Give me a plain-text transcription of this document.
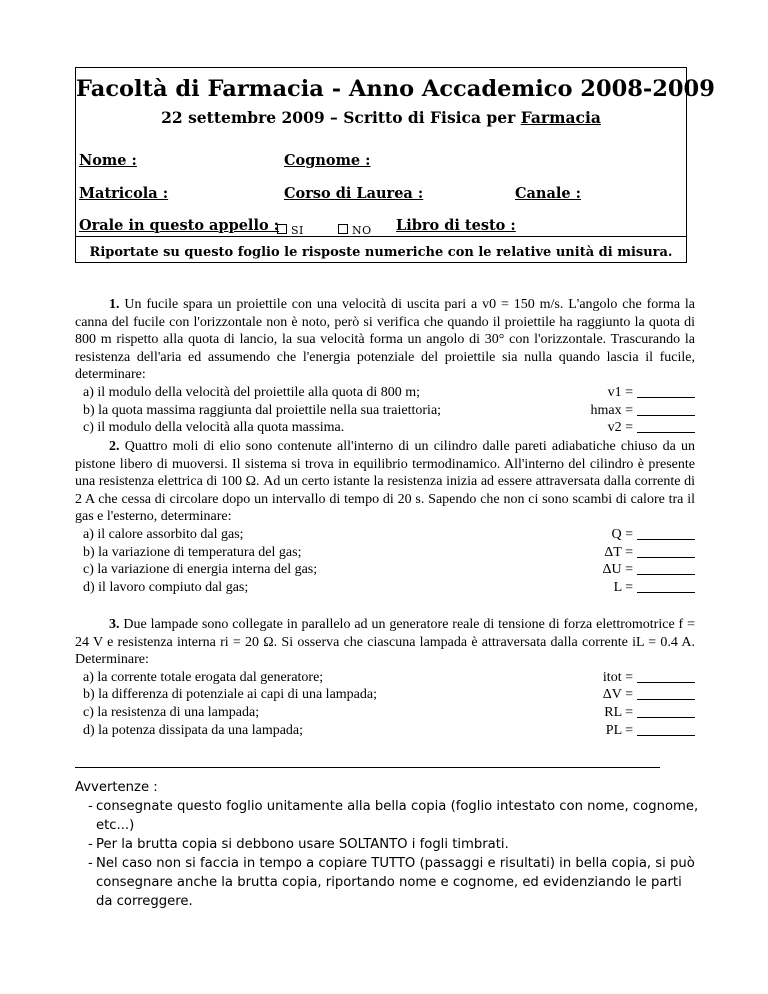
Facoltà di Farmacia - Anno Accademico 2008-2009
22 settembre 2009 – Scritto di Fisica per Farmacia
Nome :	Cognome :
Matricola :	Corso di Laurea :	Canale :
Orale in questo appello :	SI	NO Libro di testo :
Riportate su questo foglio le risposte numeriche con le relative unità di misura.

1. Un fucile spara un proiettile con una velocità di uscita pari a v0 = 150 m/s. L'angolo che forma la canna del fucile con l'orizzontale non è noto, però si verifica che quando il proiettile ha raggiunto la quota di 800 m rispetto alla quota di lancio, la sua velocità forma un angolo di 30° con l'orizzontale. Trascurando la resistenza dell'aria ed assumendo che l'energia potenziale del proiettile sia nulla quando lascia il fucile, determinare:

a) il modulo della velocità del proiettile alla quota di 800 m;	v1 =
b) la quota massima raggiunta dal proiettile nella sua traiettoria;	hmax =
c) il modulo della velocità alla quota massima.	v2 =

2. Quattro moli di elio sono contenute all'interno di un cilindro dalle pareti adiabatiche chiuso da un pistone libero di muoversi. Il sistema si trova in equilibrio termodinamico. All'interno del cilindro è presente una resistenza elettrica di 100 Ω. Ad un certo istante la resistenza inizia ad essere attraversata dalla corrente di 2 A che cessa di circolare dopo un intervallo di tempo di 20 s. Sapendo che non ci sono scambi di calore tra il gas e l'esterno, determinare:

a) il calore assorbito dal gas;	Q =
b) la variazione di temperatura del gas;	ΔT =
c) la variazione di energia interna del gas;	ΔU =
d) il lavoro compiuto dal gas;	L =

3. Due lampade sono collegate in parallelo ad un generatore reale di tensione di forza elettromotrice f = 24 V e resistenza interna ri = 20 Ω. Si osserva che ciascuna lampada è attraversata dalla corrente iL = 0.4 A. Determinare:

a) la corrente totale erogata dal generatore;	itot =
b) la differenza di potenziale ai capi di una lampada;	ΔV =
c) la resistenza di una lampada;	RL =
d) la potenza dissipata da una lampada;	PL =
Avvertenze :
- consegnate questo foglio unitamente alla bella copia (foglio intestato con nome, cognome, etc...)
- Per la brutta copia si debbono usare SOLTANTO i fogli timbrati.
- Nel caso non si faccia in tempo a copiare TUTTO (passaggi e risultati) in bella copia, si può consegnare anche la brutta copia, riportando nome e cognome, ed evidenziando le parti da correggere.
